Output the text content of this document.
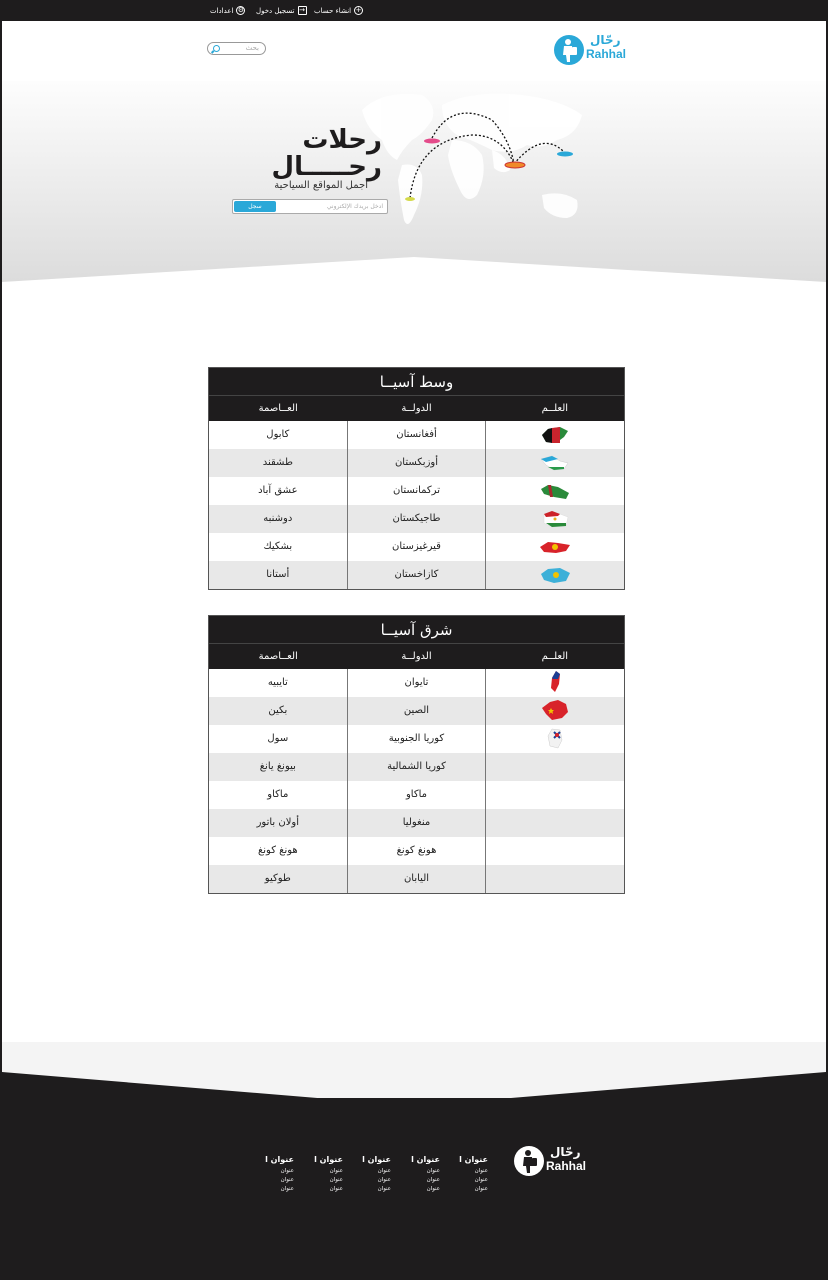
+
انشاء حساب
→
تسجيل دخول
⚙
اعدادات
رحلات
رحـــــال
أجمل المواقع السياحية
ادخل بريدك الإلكتروني
سجل
رحّال
Rahhal
بحث
وسط آسيــا
العلــم
الدولــة
العــاصمة
أفغانستان
كابول
أوزبكستان
طشقند
تركمانستان
عشق آباد
طاجيكستان
دوشنبه
قيرغيزستان
بشكيك
كازاخستان
أستانا
شرق آسيــا
العلــم
الدولــة
العــاصمة
تايوان
تايبيه
الصين
بكين
كوريا الجنوبية
سول
كوريا الشمالية
بيونغ يانغ
ماكاو
ماكاو
منغوليا
أولان باتور
هونغ كونغ
هونغ كونغ
اليابان
طوكيو
رحّال
Rahhal
عنوان ا
عنوان
عنوان
عنوان
عنوان ا
عنوان
عنوان
عنوان
عنوان ا
عنوان
عنوان
عنوان
عنوان ا
عنوان
عنوان
عنوان
عنوان ا
عنوان
عنوان
عنوان
